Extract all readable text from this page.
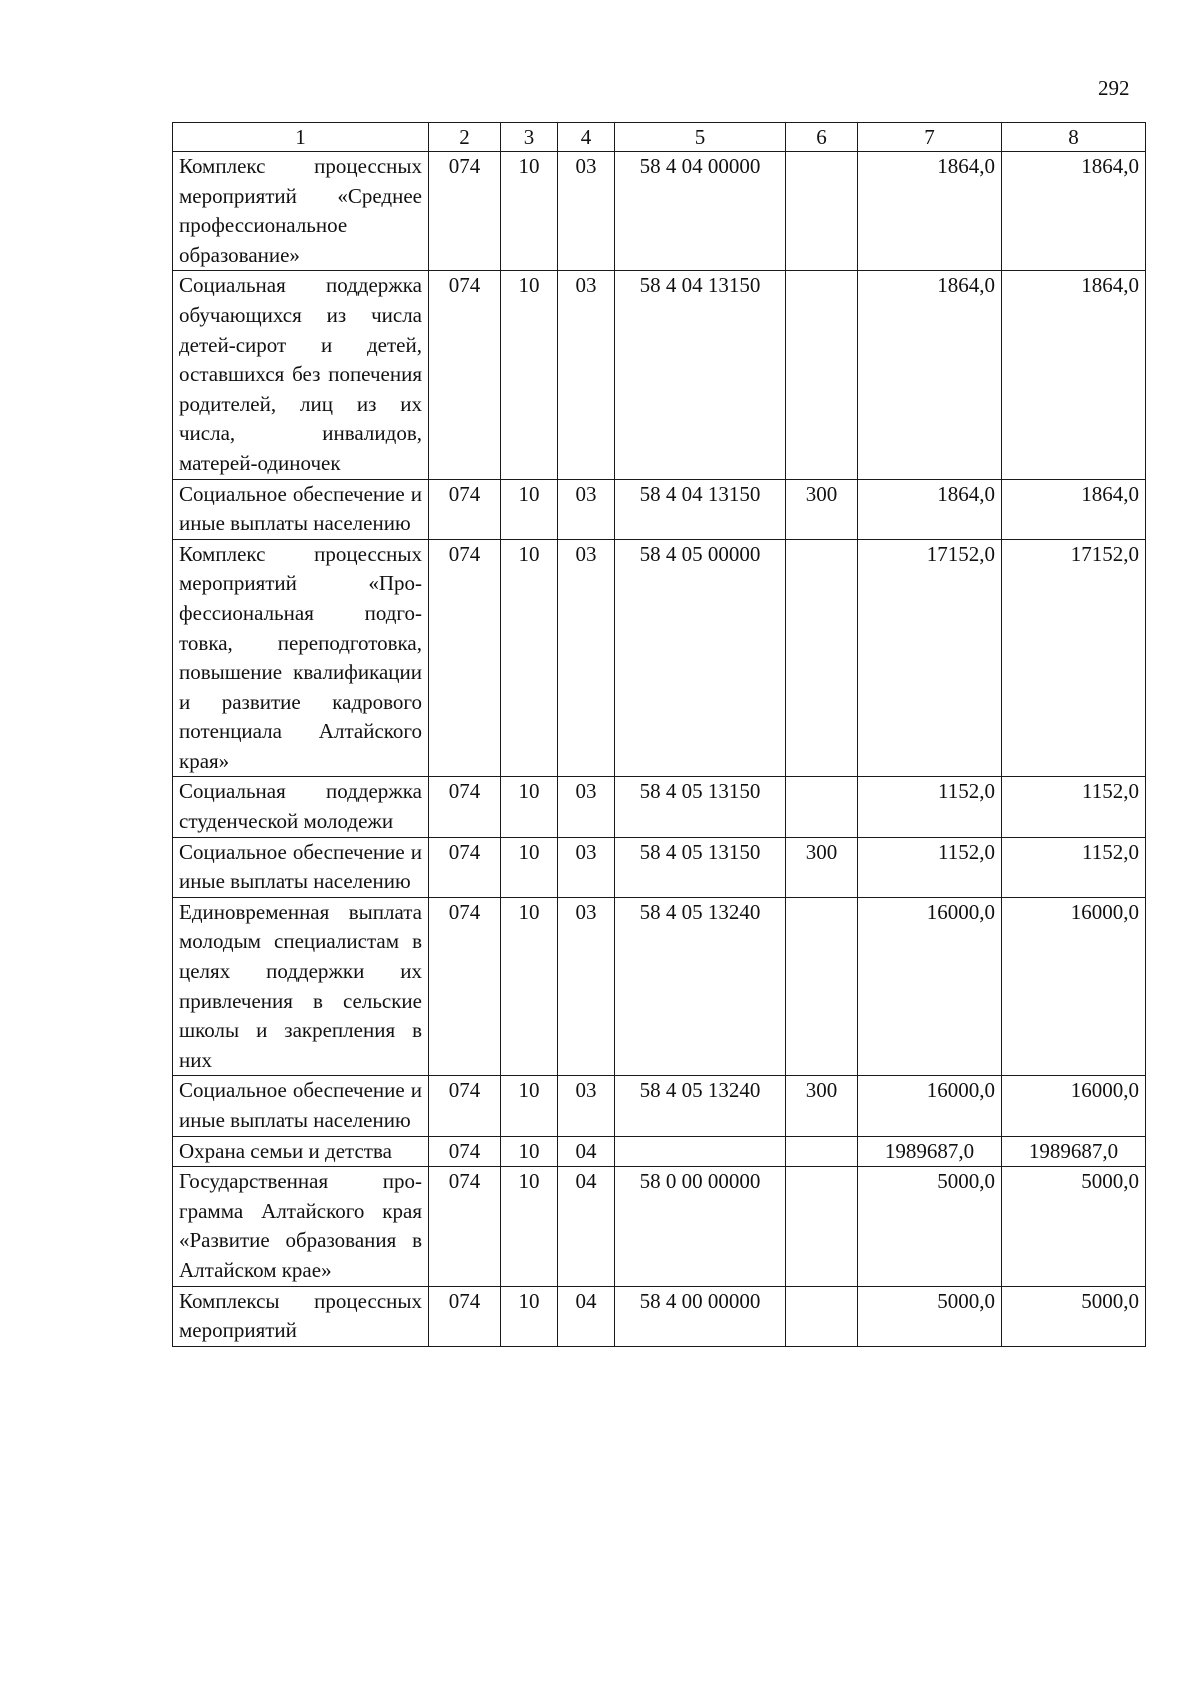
292
1	2	3	4	5	6	7	8
Комплекс процессных мероприятий «Среднее профессиональное образование»	074	10	03	58 4 04 00000		1864,0	1864,0
Социальная поддержка обучающихся из числа детей-сирот и детей, оставшихся без попечения родителей, лиц из их числа, инвалидов, матерей-одиночек	074	10	03	58 4 04 13150		1864,0	1864,0
Социальное обеспечение и иные выплаты населению	074	10	03	58 4 04 13150	300	1864,0	1864,0
Комплекс процессных мероприятий «Профессиональная подготовка, переподготовка, повышение квалификации и развитие кадрового потенциала Алтайского края»	074	10	03	58 4 05 00000		17152,0	17152,0
Социальная поддержка студенческой молодежи	074	10	03	58 4 05 13150		1152,0	1152,0
Социальное обеспечение и иные выплаты населению	074	10	03	58 4 05 13150	300	1152,0	1152,0
Единовременная выплата молодым специалистам в целях поддержки их привлечения в сельские школы и закрепления в них	074	10	03	58 4 05 13240		16000,0	16000,0
Социальное обеспечение и иные выплаты населению	074	10	03	58 4 05 13240	300	16000,0	16000,0
Охрана семьи и детства	074	10	04			1989687,0	1989687,0
Государственная программа Алтайского края «Развитие образования в Алтайском крае»	074	10	04	58 0 00 00000		5000,0	5000,0
Комплексы процессных мероприятий	074	10	04	58 4 00 00000		5000,0	5000,0
